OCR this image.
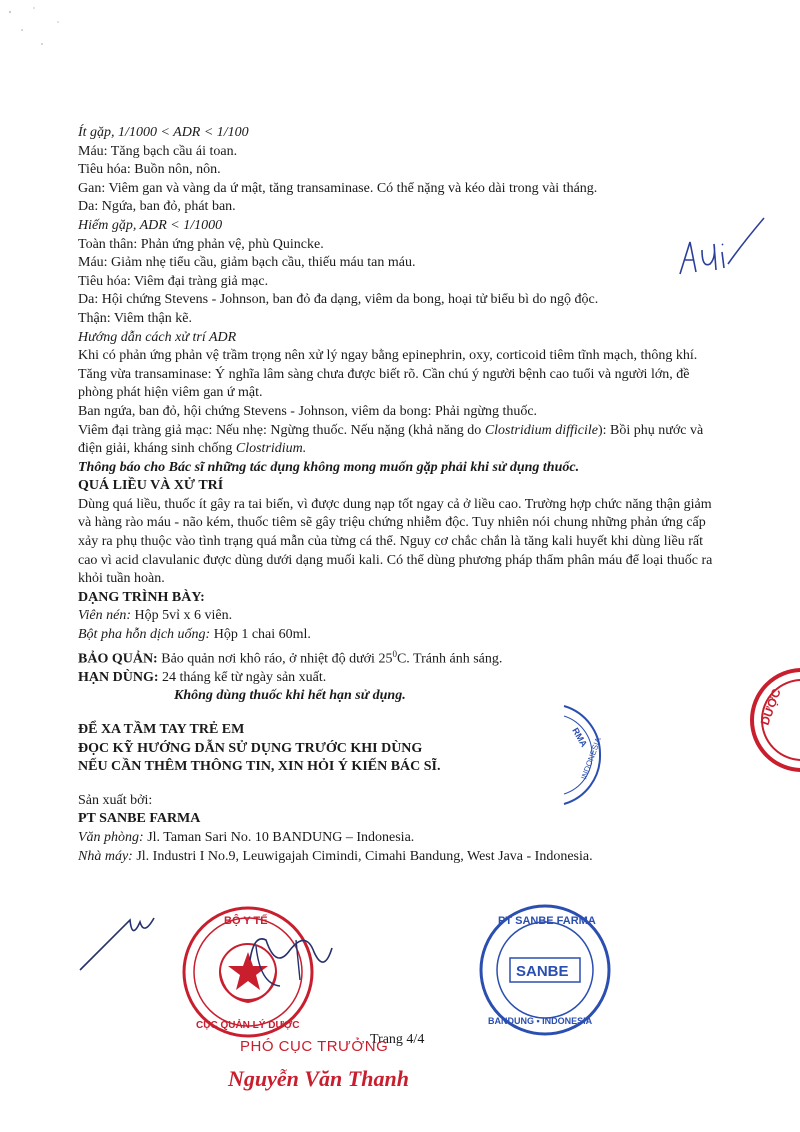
Ít gặp, 1/1000 < ADR < 1/100

Máu: Tăng bạch cầu ái toan.

Tiêu hóa: Buồn nôn, nôn.

Gan: Viêm gan và vàng da ứ mật, tăng transaminase. Có thể nặng và kéo dài trong vài tháng.

Da: Ngứa, ban đỏ, phát ban.

Hiếm gặp, ADR < 1/1000

Toàn thân: Phản ứng phản vệ, phù Quincke.

Máu: Giảm nhẹ tiểu cầu, giảm bạch cầu, thiếu máu tan máu.

Tiêu hóa: Viêm đại tràng giả mạc.

Da: Hội chứng Stevens - Johnson, ban đỏ đa dạng, viêm da bong, hoại tử biểu bì do ngộ độc.

Thận: Viêm thận kẽ.

Hướng dẫn cách xử trí ADR

Khi có phản ứng phản vệ trầm trọng nên xử lý ngay bằng epinephrin, oxy, corticoid tiêm tĩnh mạch, thông khí.

Tăng vừa transaminase: Ý nghĩa lâm sàng chưa được biết rõ. Cần chú ý người bệnh cao tuổi và người lớn, đề phòng phát hiện viêm gan ứ mật.

Ban ngứa, ban đỏ, hội chứng Stevens - Johnson, viêm da bong: Phải ngừng thuốc.

Viêm đại tràng giả mạc: Nếu nhẹ: Ngừng thuốc. Nếu nặng (khả năng do Clostridium difficile): Bồi phụ nước và điện giải, kháng sinh chống Clostridium.

Thông báo cho Bác sĩ những tác dụng không mong muốn gặp phải khi sử dụng thuốc.

QUÁ LIỀU VÀ XỬ TRÍ

Dùng quá liều, thuốc ít gây ra tai biến, vì được dung nạp tốt ngay cả ở liều cao. Trường hợp chức năng thận giảm và hàng rào máu - não kém, thuốc tiêm sẽ gây triệu chứng nhiễm độc. Tuy nhiên nói chung những phản ứng cấp xảy ra phụ thuộc vào tình trạng quá mẫn của từng cá thể. Nguy cơ chắc chắn là tăng kali huyết khi dùng liều rất cao vì acid clavulanic được dùng dưới dạng muối kali. Có thể dùng phương pháp thẩm phân máu để loại thuốc ra khỏi tuần hoàn.

DẠNG TRÌNH BÀY:

Viên nén: Hộp 5vỉ x 6 viên.

Bột pha hỗn dịch uống: Hộp 1 chai 60ml.

BẢO QUẢN: Bảo quản nơi khô ráo, ở nhiệt độ dưới $25^0C$. Tránh ánh sáng.

HẠN DÙNG: 24 tháng kể từ ngày sản xuất.

Không dùng thuốc khi hết hạn sử dụng.

ĐỂ XA TẦM TAY TRẺ EM

ĐỌC KỸ HƯỚNG DẪN SỬ DỤNG TRƯỚC KHI DÙNG

NẾU CẦN THÊM THÔNG TIN, XIN HỎI Ý KIẾN BÁC SĨ.

Sản xuất bởi:

PT SANBE FARMA

Văn phòng: Jl. Taman Sari No. 10 BANDUNG – Indonesia.

Nhà máy: Jl. Industri I No.9, Leuwigajah Cimindi, Cimahi Bandung, West Java - Indonesia.

RMA
INDONESIA
DƯỢC
BỘ Y TẾ
CỤC QUẢN LÝ DƯỢC
SANBE
PT SANBE FARMA
BANDUNG • INDONESIA
Trang 4/4
PHÓ CỤC TRƯỞNG
Nguyễn Văn Thanh
